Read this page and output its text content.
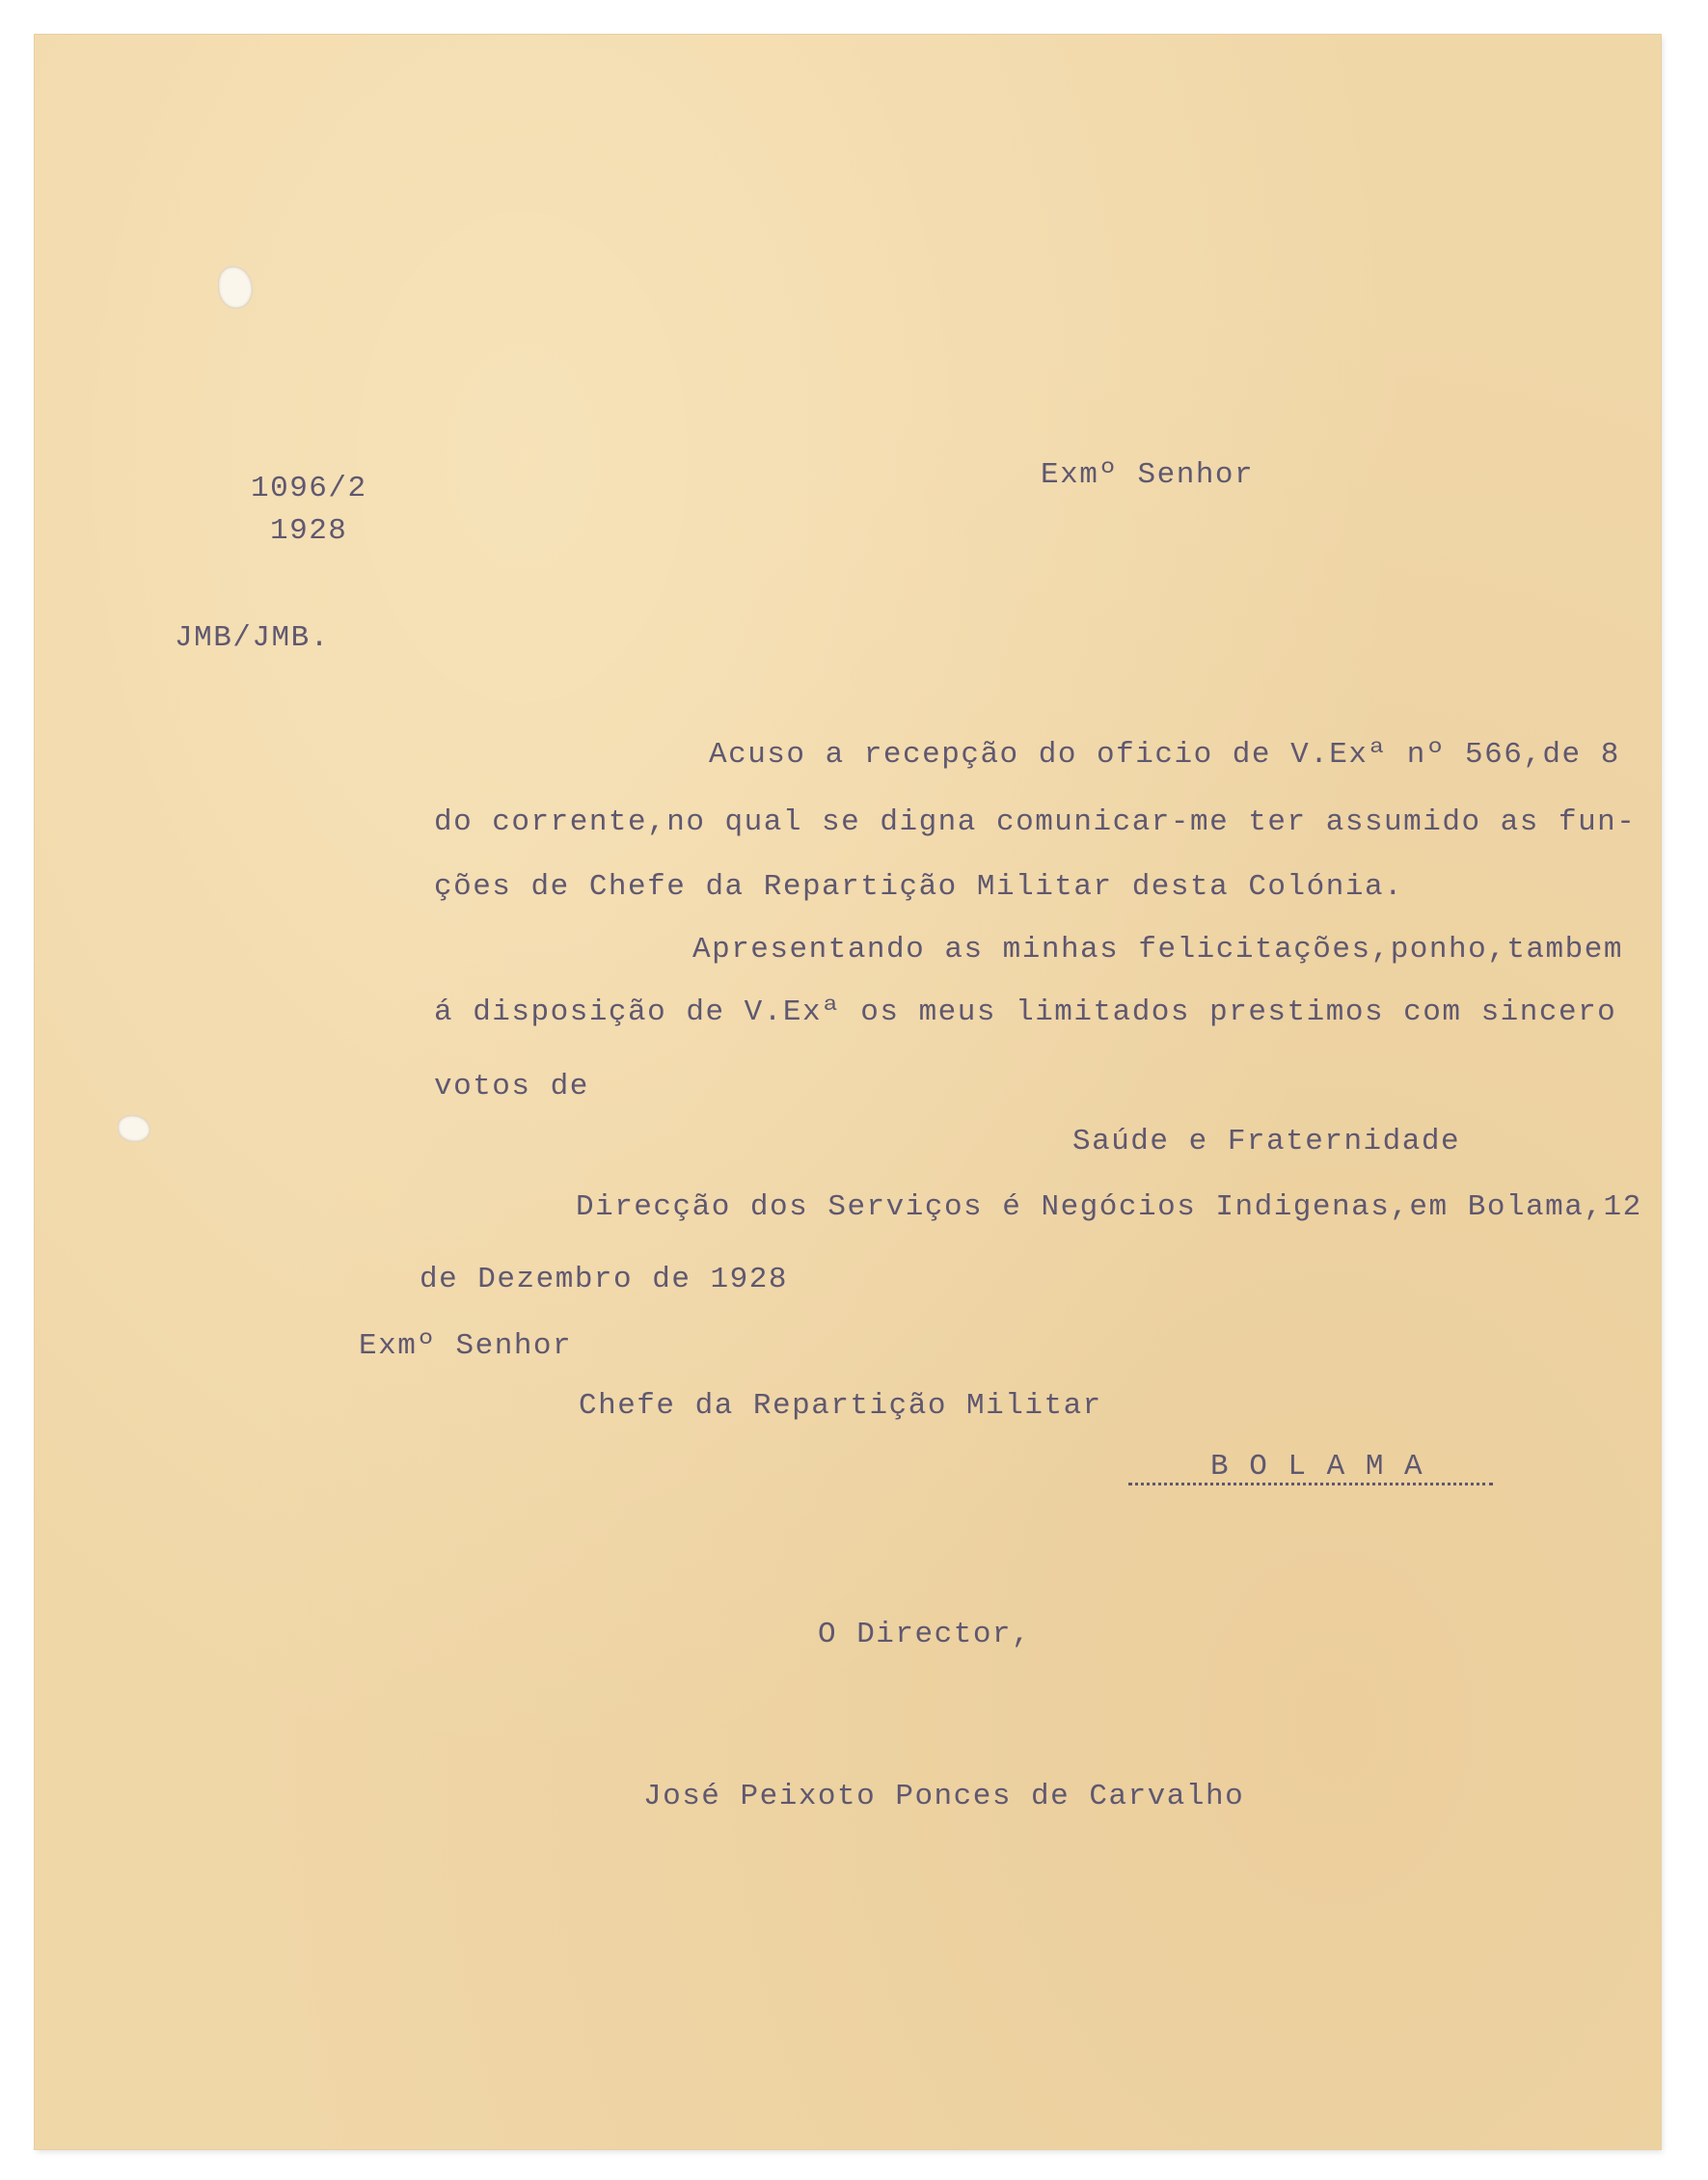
1096/2
1928
JMB/JMB.
Exmº Senhor
Acuso a recepção do oficio de V.Exª nº 566,de 8
do corrente,no qual se digna comunicar-me ter assumido as fun-
ções de Chefe da Repartição Militar desta Colónia.
Apresentando as minhas felicitações,ponho,tambem
á disposição de V.Exª os meus limitados prestimos com sincero
votos de
Saúde e Fraternidade
Direcção dos Serviços é Negócios Indigenas,em Bolama,12
de Dezembro de 1928
Exmº Senhor
Chefe da Repartição Militar
B O L A M A
O Director,
José Peixoto Ponces de Carvalho
